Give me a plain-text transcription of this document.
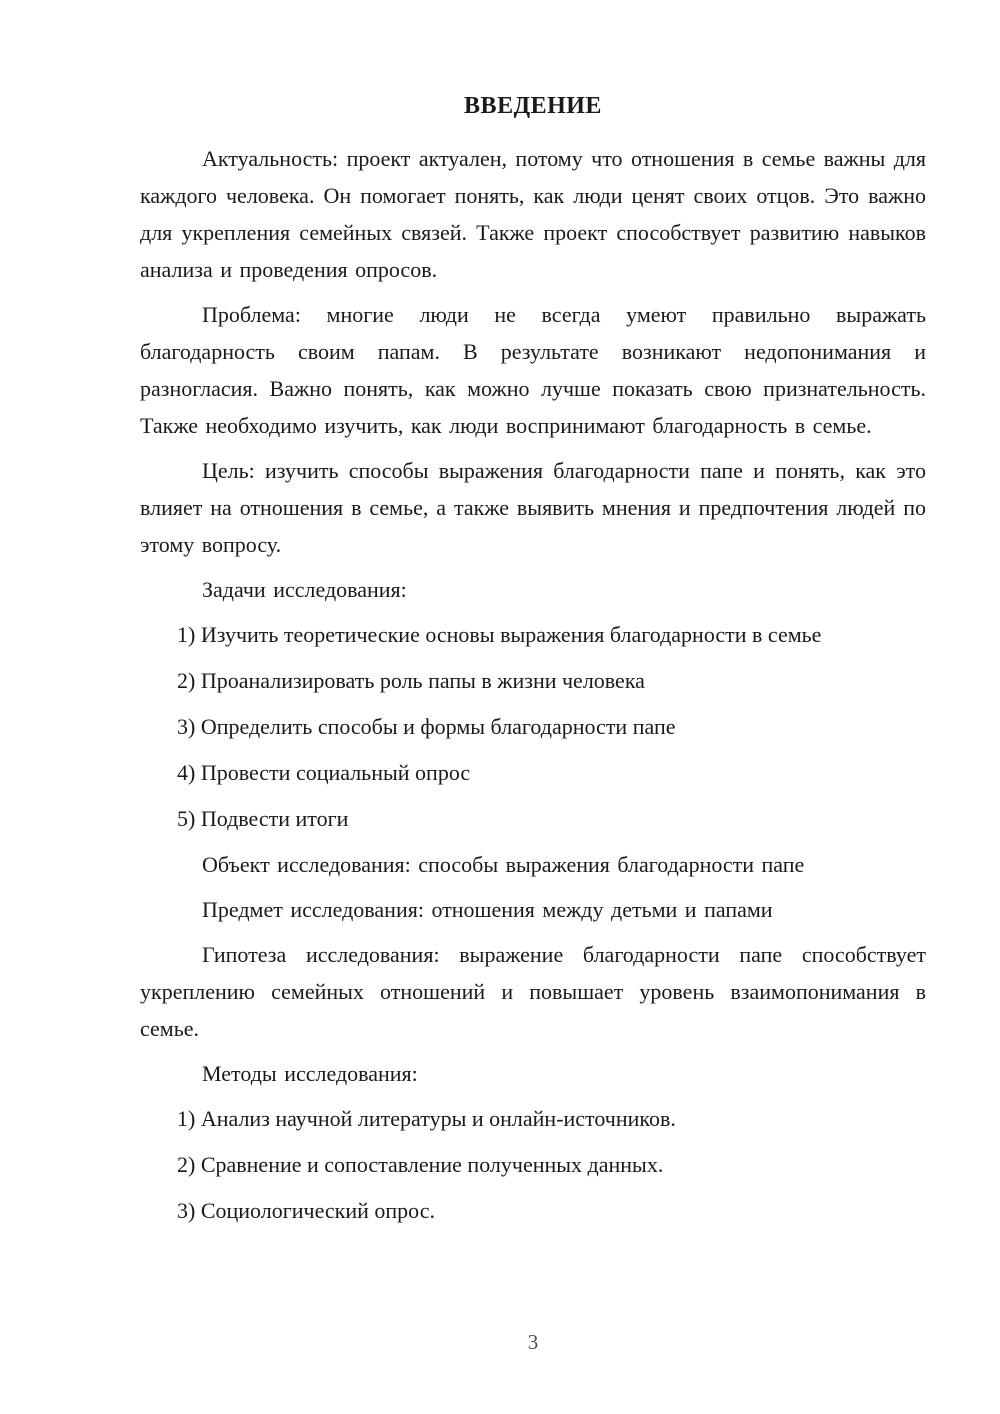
ВВЕДЕНИЕ

Актуальность: проект актуален, потому что отношения в семье важны для каждого человека. Он помогает понять, как люди ценят своих отцов. Это важно для укрепления семейных связей. Также проект способствует развитию навыков анализа и проведения опросов.

Проблема: многие люди не всегда умеют правильно выражать благодарность своим папам. В результате возникают недопонимания и разногласия. Важно понять, как можно лучше показать свою признательность. Также необходимо изучить, как люди воспринимают благодарность в семье.

Цель: изучить способы выражения благодарности папе и понять, как это влияет на отношения в семье, а также выявить мнения и предпочтения людей по этому вопросу.

Задачи исследования:

1) Изучить теоретические основы выражения благодарности в семье

2) Проанализировать роль папы в жизни человека

3) Определить способы и формы благодарности папе

4) Провести социальный опрос

5) Подвести итоги

Объект исследования: способы выражения благодарности папе

Предмет исследования: отношения между детьми и папами

Гипотеза исследования: выражение благодарности папе способствует укреплению семейных отношений и повышает уровень взаимопонимания в семье.

Методы исследования:

1) Анализ научной литературы и онлайн-источников.

2) Сравнение и сопоставление полученных данных.

3) Социологический опрос.

3
